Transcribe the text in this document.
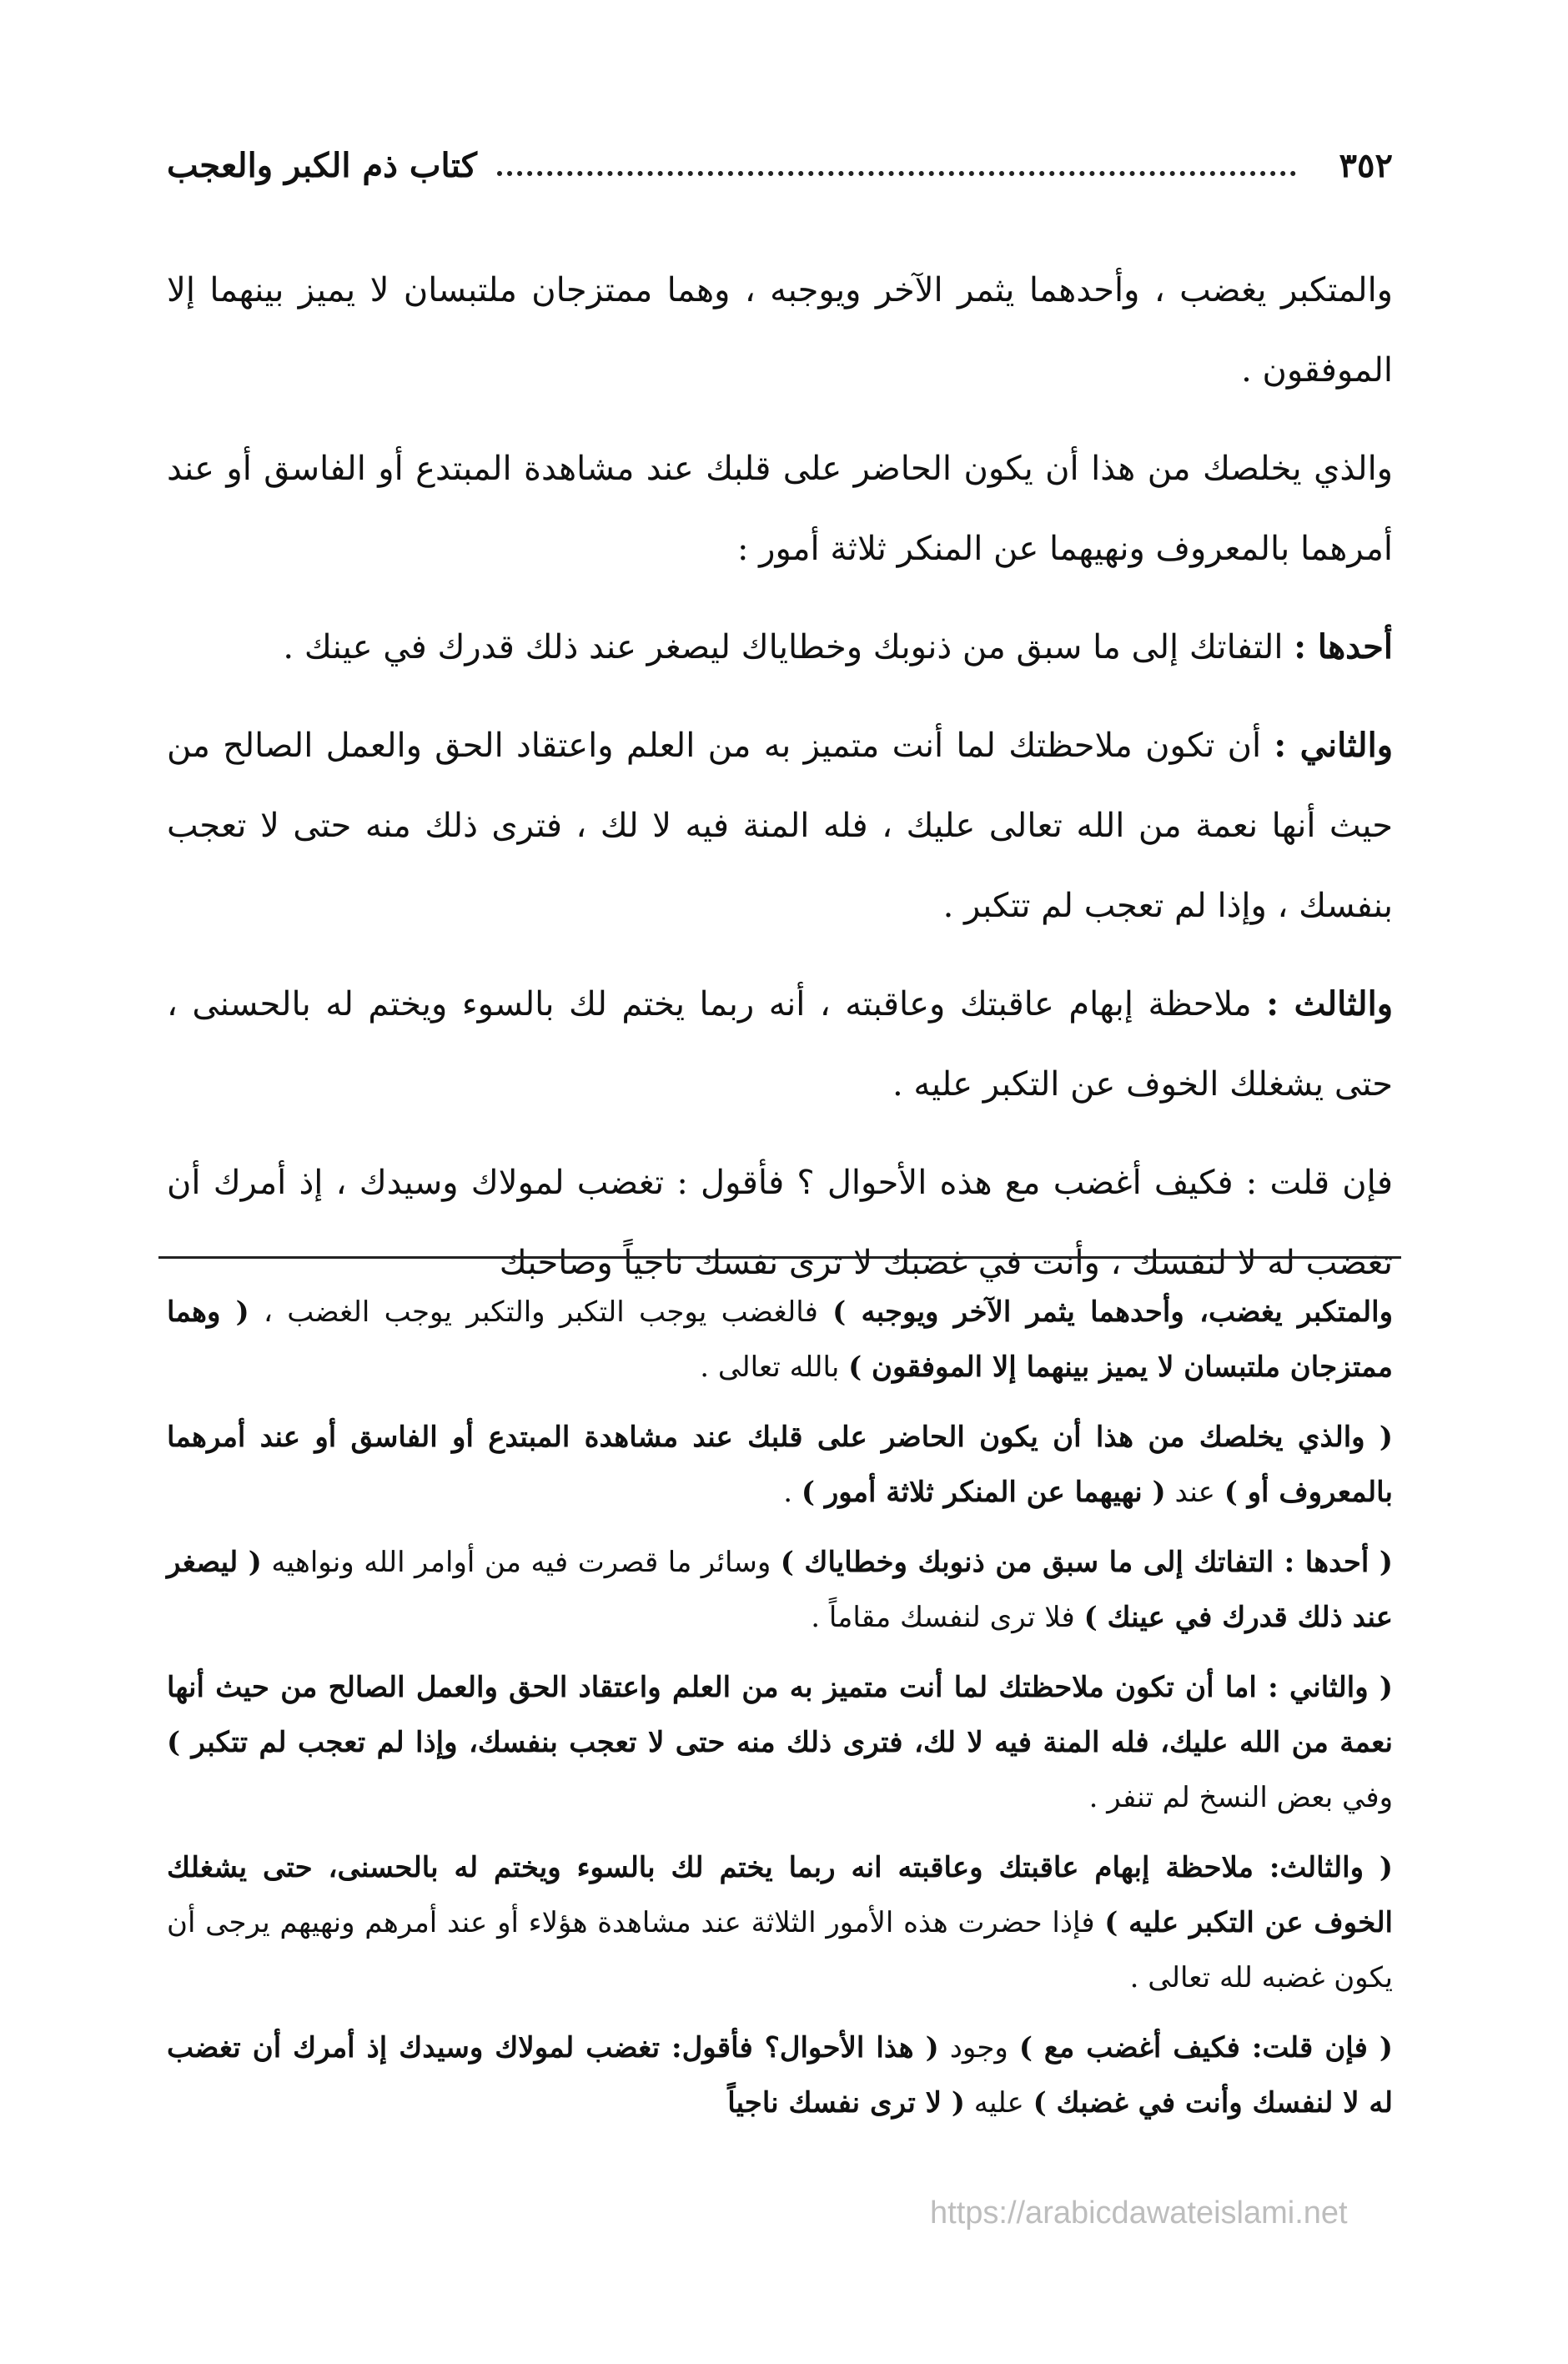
٣٥٢
كتاب ذم الكبر والعجب

والمتكبر يغضب ، وأحدهما يثمر الآخر ويوجبه ، وهما ممتزجان ملتبسان لا يميز بينهما إلا الموفقون .

والذي يخلصك من هذا أن يكون الحاضر على قلبك عند مشاهدة المبتدع أو الفاسق أو عند أمرهما بالمعروف ونهيهما عن المنكر ثلاثة أمور :

أحدها : التفاتك إلى ما سبق من ذنوبك وخطاياك ليصغر عند ذلك قدرك في عينك .

والثاني : أن تكون ملاحظتك لما أنت متميز به من العلم واعتقاد الحق والعمل الصالح من حيث أنها نعمة من الله تعالى عليك ، فله المنة فيه لا لك ، فترى ذلك منه حتى لا تعجب بنفسك ، وإذا لم تعجب لم تتكبر .

والثالث : ملاحظة إبهام عاقبتك وعاقبته ، أنه ربما يختم لك بالسوء ويختم له بالحسنى ، حتى يشغلك الخوف عن التكبر عليه .

فإن قلت : فكيف أغضب مع هذه الأحوال ؟ فأقول : تغضب لمولاك وسيدك ، إذ أمرك أن تغضب له لا لنفسك ، وأنت في غضبك لا ترى نفسك ناجياً وصاحبك

والمتكبر يغضب، وأحدهما يثمر الآخر ويوجبه ) فالغضب يوجب التكبر والتكبر يوجب الغضب ، ( وهما ممتزجان ملتبسان لا يميز بينهما إلا الموفقون ) بالله تعالى .

( والذي يخلصك من هذا أن يكون الحاضر على قلبك عند مشاهدة المبتدع أو الفاسق أو عند أمرهما بالمعروف أو ) عند ( نهيهما عن المنكر ثلاثة أمور ) .

( أحدها : التفاتك إلى ما سبق من ذنوبك وخطاياك ) وسائر ما قصرت فيه من أوامر الله ونواهيه ( ليصغر عند ذلك قدرك في عينك ) فلا ترى لنفسك مقاماً .

( والثاني : اما أن تكون ملاحظتك لما أنت متميز به من العلم واعتقاد الحق والعمل الصالح من حيث أنها نعمة من الله عليك، فله المنة فيه لا لك، فترى ذلك منه حتى لا تعجب بنفسك، وإذا لم تعجب لم تتكبر ) وفي بعض النسخ لم تنفر .

( والثالث: ملاحظة إبهام عاقبتك وعاقبته انه ربما يختم لك بالسوء ويختم له بالحسنى، حتى يشغلك الخوف عن التكبر عليه ) فإذا حضرت هذه الأمور الثلاثة عند مشاهدة هؤلاء أو عند أمرهم ونهيهم يرجى أن يكون غضبه لله تعالى .

( فإن قلت: فكيف أغضب مع ) وجود ( هذا الأحوال؟ فأقول: تغضب لمولاك وسيدك إذ أمرك أن تغضب له لا لنفسك وأنت في غضبك ) عليه ( لا ترى نفسك ناجياً

https://arabicdawateislami.net
